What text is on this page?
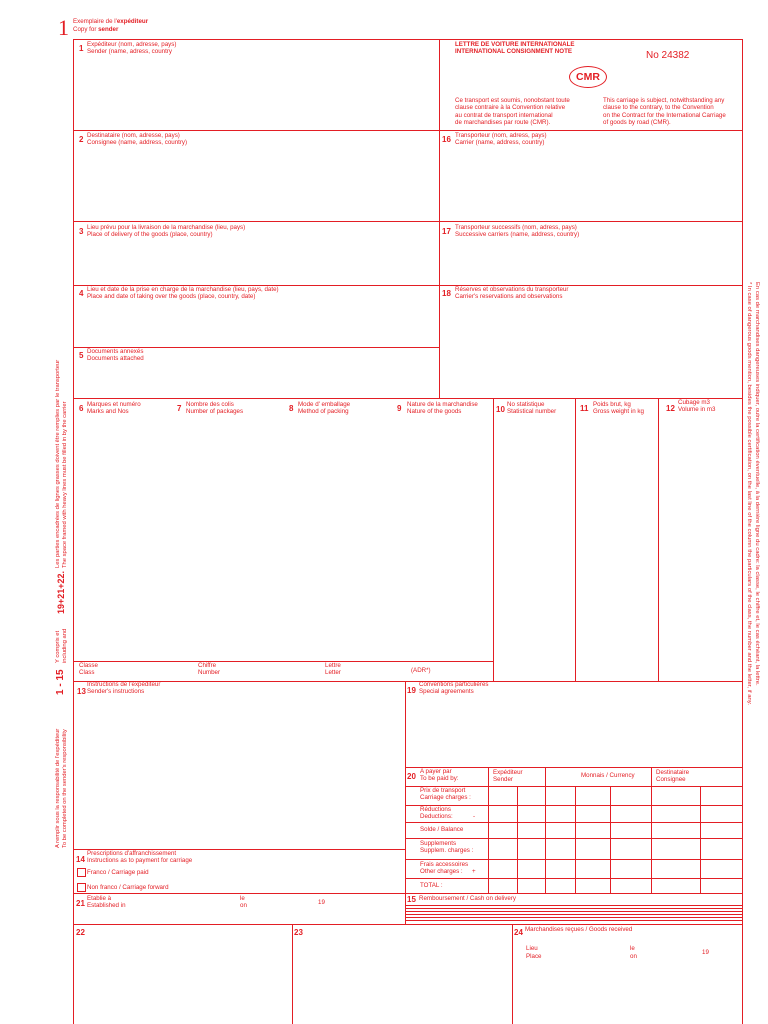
1 Exemplaire de l'expéditeur
Copy for sender
1 Expéditeur (nom, adresse, pays)
Sender (name, adress, country
LETTRE DE VOITURE INTERNATIONALE
INTERNATIONAL CONSIGNMENT NOTE	No 24382
CMR
Ce transport est soumis, nonobstant toute
clause contraire à la Convention relative
au contrat de transport international
de marchandises par route (CMR).
This carriage is subject, notwithstanding any
clause to the contrary, to the Convention
on the Contract for the International Carriage
of goods by road (CMR).
2 Destinataire (nom, adresse, pays)
Consignee (name, address, country)	16 Transporteur (nom, adress, pays)
Carrier (name, address, country)
3 Lieu prévu pour la livraison de la marchandise (lieu, pays)
Place of delivery of the goods (place, country)	17 Transporteur successifs (nom, adress, pays)
Successive carriers (name, address, country)
4 Lieu et date de la prise en charge de la marchandise (lieu, pays, date)
Place and date of taking over the goods (place, country, date)	18 Réserves et observations du transporteur
Carrier's reservations and observations
5 Documents annexés
Documents attached
6 Marques et numéro
Marks and Nos	7 Nombre des colis
Number of packages	8 Mode d' emballage
Method of packing	9 Nature de la marchandise
Nature of the goods	10
No statistique
Statistical number	11 Poids brut, kg
Gross weight in kg	12
Cubage m3
Volume in m3
Classe
Class
Chiffre
Number
Lettre
Letter	(ADR*)
13
Instructions de l'expéditeur
Sender's instructions	19
Conventions particulières
Special agreements
20
A payer par
To be paid by:
Expéditeur
Sender
Monnais / Currency	Destinataire
Consignee
Prix de transport
Carriage charges :
Réductions
Deductions:	-
Solde / Balance
Supplements
Supplem. charges :
Frais accessoires
Other charges : +
TOTAL :
14
Prescriptions d'affranchissement
Instructions as to payment for carriage
Franco / Carriage paid
Non franco / Carriage forward
21
Etablie à
Established in
le
on	19	15 Remboursement / Cash on delivery
22	23	24 Marchandises reçues / Goods received
Lieu
Place
le
on
19
A remplir sous la responsabilité de l'expéditeur To be completed on the sender's responsibility
1 - 15
Y compris et including and
19+21+22.
Les parties encadrées de lignes grasses doivent être remplies par le transporteur The space framed with heavy lines must be filled in by the carrier	En cas de marchandises dangereuses indiquer, outre la certification éventuelle, à la dernière ligne du cadre: la classe, le chiffre et, le cas échéant, la lettre.
* In case of dangerous goods mention, besides the possible certification, on the last line of the column the particulars of the class, the number and the letter, if any.
